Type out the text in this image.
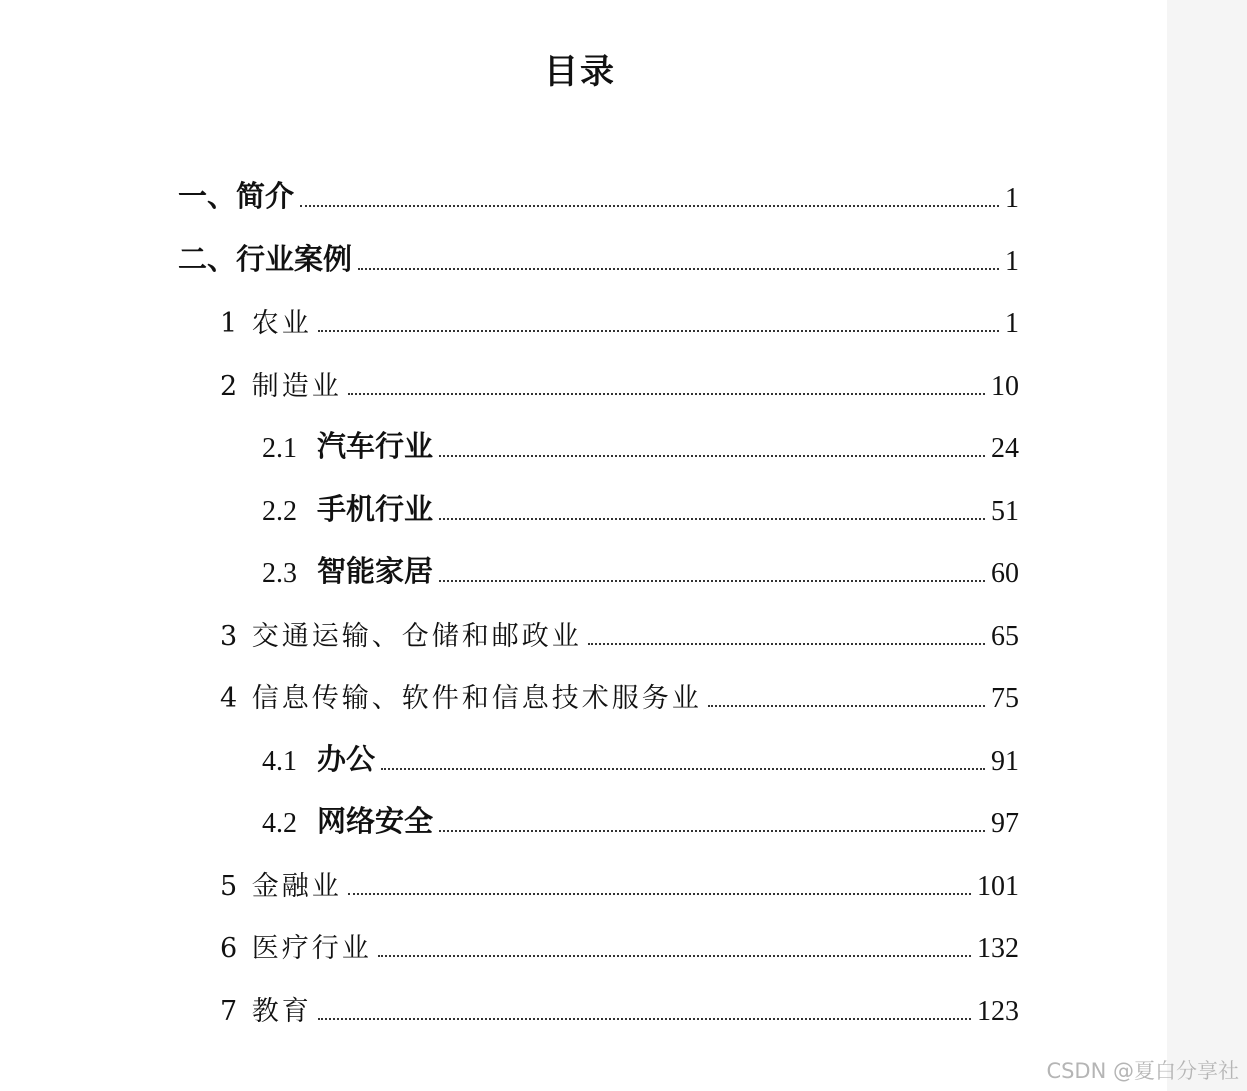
目录
一、简介	1
二、行业案例	1
1 农业	1
2 制造业	10
2.1 汽车行业	24
2.2 手机行业	51
2.3 智能家居	60
3 交通运输、仓储和邮政业	65
4 信息传输、软件和信息技术服务业	75
4.1 办公	91
4.2 网络安全	97
5 金融业	101
6 医疗行业	132
7 教育	123
CSDN @夏白分享社
